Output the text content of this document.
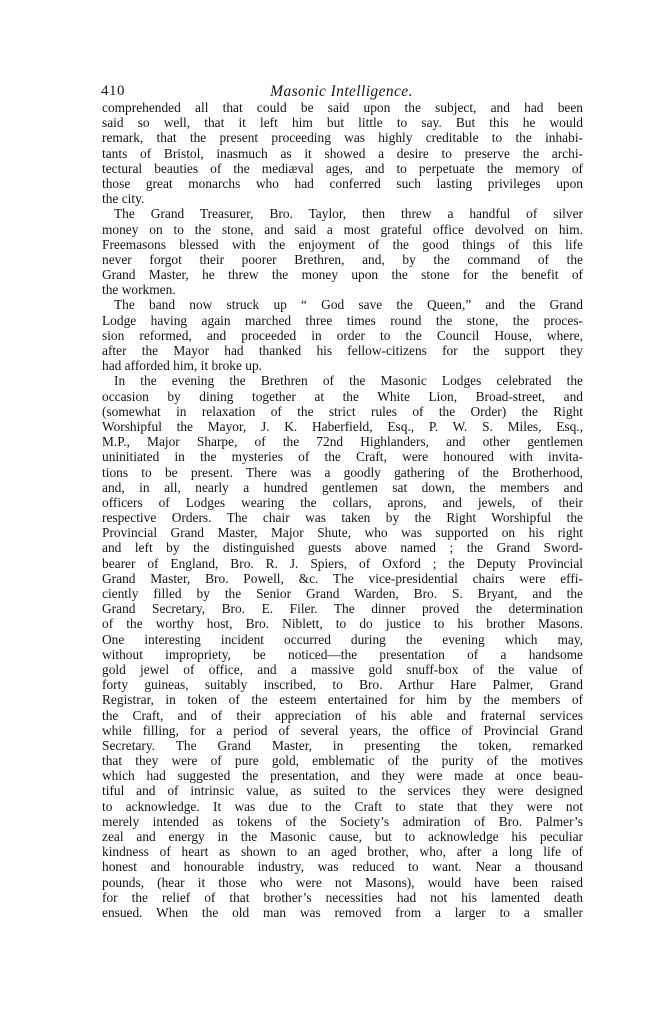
410	Masonic Intelligence.
comprehended all that could be said upon the subject, and had been
said so well, that it left him but little to say. But this he would
remark, that the present proceeding was highly creditable to the inhabi-
tants of Bristol, inasmuch as it showed a desire to preserve the archi-
tectural beauties of the mediæval ages, and to perpetuate the memory of
those great monarchs who had conferred such lasting privileges upon
the city.
The Grand Treasurer, Bro. Taylor, then threw a handful of silver
money on to the stone, and said a most grateful office devolved on him.
Freemasons blessed with the enjoyment of the good things of this life
never forgot their poorer Brethren, and, by the command of the
Grand Master, he threw the money upon the stone for the benefit of
the workmen.
The band now struck up “ God save the Queen,” and the Grand
Lodge having again marched three times round the stone, the proces-
sion reformed, and proceeded in order to the Council House, where,
after the Mayor had thanked his fellow-citizens for the support they
had afforded him, it broke up.
In the evening the Brethren of the Masonic Lodges celebrated the
occasion by dining together at the White Lion, Broad-street, and
(somewhat in relaxation of the strict rules of the Order) the Right
Worshipful the Mayor, J. K. Haberfield, Esq., P. W. S. Miles, Esq.,
M.P., Major Sharpe, of the 72nd Highlanders, and other gentlemen
uninitiated in the mysteries of the Craft, were honoured with invita-
tions to be present. There was a goodly gathering of the Brotherhood,
and, in all, nearly a hundred gentlemen sat down, the members and
officers of Lodges wearing the collars, aprons, and jewels, of their
respective Orders. The chair was taken by the Right Worshipful the
Provincial Grand Master, Major Shute, who was supported on his right
and left by the distinguished guests above named ; the Grand Sword-
bearer of England, Bro. R. J. Spiers, of Oxford ; the Deputy Provincial
Grand Master, Bro. Powell, &c. The vice-presidential chairs were effi-
ciently filled by the Senior Grand Warden, Bro. S. Bryant, and the
Grand Secretary, Bro. E. Filer. The dinner proved the determination
of the worthy host, Bro. Niblett, to do justice to his brother Masons.
One interesting incident occurred during the evening which may,
without impropriety, be noticed—the presentation of a handsome
gold jewel of office, and a massive gold snuff-box of the value of
forty guineas, suitably inscribed, to Bro. Arthur Hare Palmer, Grand
Registrar, in token of the esteem entertained for him by the members of
the Craft, and of their appreciation of his able and fraternal services
while filling, for a period of several years, the office of Provincial Grand
Secretary. The Grand Master, in presenting the token, remarked
that they were of pure gold, emblematic of the purity of the motives
which had suggested the presentation, and they were made at once beau-
tiful and of intrinsic value, as suited to the services they were designed
to acknowledge. It was due to the Craft to state that they were not
merely intended as tokens of the Society’s admiration of Bro. Palmer’s
zeal and energy in the Masonic cause, but to acknowledge his peculiar
kindness of heart as shown to an aged brother, who, after a long life of
honest and honourable industry, was reduced to want. Near a thousand
pounds, (hear it those who were not Masons), would have been raised
for the relief of that brother’s necessities had not his lamented death
ensued. When the old man was removed from a larger to a smaller
